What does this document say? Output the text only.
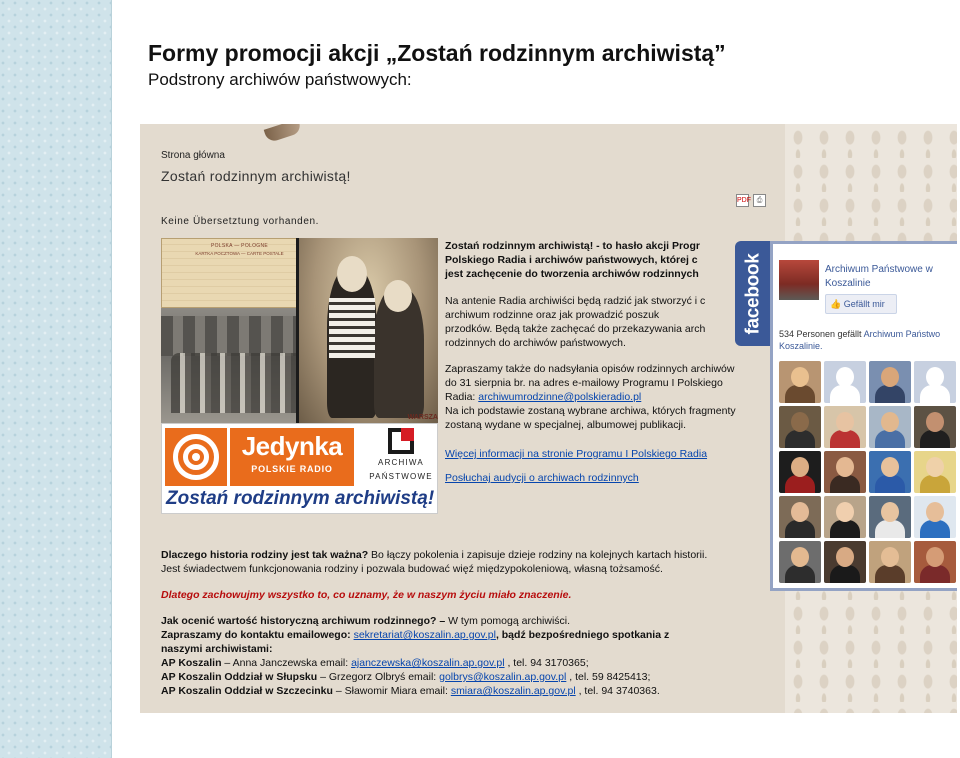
Formy promocji akcji „Zostań rodzinnym archiwistą”
Podstrony archiwów państwowych:
Strona główna
Zostań rodzinnym archiwistą!
Keine Übersetztung vorhanden.
PDF ⎙
POLSKA — POLOGNE
KARTKA POCZTOWA — CARTE POSTALE
WARSZA
Jedynka
POLSKIE RADIO
ARCHIWA
PAŃSTWOWE
Zostań rodzinnym archiwistą!

Zostań rodzinnym archiwistą! - to hasło akcji Progr

Polskiego Radia i archiwów państwowych, której c

jest zachęcenie do tworzenia archiwów rodzinnych

Na antenie Radia archiwiści będą radzić jak stworzyć i c

archiwum rodzinne oraz jak prowadzić poszuk

przodków. Będą także zachęcać do przekazywania arch

rodzinnych do archiwów państwowych.

Zapraszamy także do nadsyłania opisów rodzinnych archiwów

do 31 sierpnia br. na adres e-mailowy Programu I Polskiego

Radia: archiwumrodzinne@polskieradio.pl

Na ich podstawie zostaną wybrane archiwa, których fragmenty

zostaną wydane w specjalnej, albumowej publikacji.

Więcej informacji na stronie Programu I Polskiego Radia

Posłuchaj audycji o archiwach rodzinnych

Dlaczego historia rodziny jest tak ważna? Bo łączy pokolenia i zapisuje dzieje rodziny na kolejnych kartach historii.
Jest świadectwem funkcjonowania rodziny i pozwala budować więź międzypokoleniową, własną tożsamość.
Dlatego zachowujmy wszystko to, co uznamy, że w naszym życiu miało znaczenie.
Jak ocenić wartość historyczną archiwum rodzinnego? – W tym pomogą archiwiści.
Zapraszamy do kontaktu emailowego: sekretariat@koszalin.ap.gov.pl, bądź bezpośredniego spotkania z
naszymi archiwistami:
AP Koszalin – Anna Janczewska email: ajanczewska@koszalin.ap.gov.pl , tel. 94 3170365;
AP Koszalin Oddział w Słupsku – Grzegorz Olbryś email: golbrys@koszalin.ap.gov.pl , tel. 59 8425413;
AP Koszalin Oddział w Szczecinku – Sławomir Miara email: smiara@koszalin.ap.gov.pl , tel. 94 3740363.
facebook	Archiwum Państwowe w
Koszalinie
👍 Gefällt mir
534 Personen gefällt Archiwum Państwo
Koszalinie.
